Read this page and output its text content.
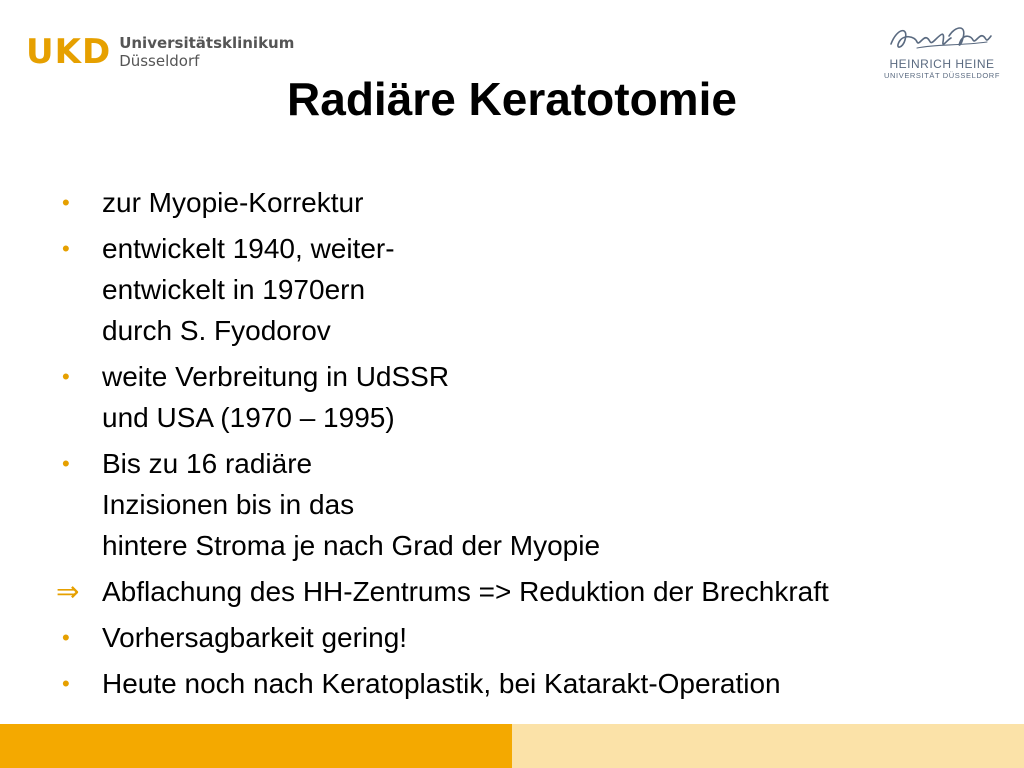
UKD Universitätsklinikum
Düsseldorf	HEINRICH HEINE
UNIVERSITÄT DÜSSELDORF
Radiäre Keratotomie
•	zur Myopie-Korrektur
•	entwickelt 1940, weiter-
entwickelt in 1970ern
durch S. Fyodorov
•	weite Verbreitung in UdSSR
und USA (1970 – 1995)
•	Bis zu 16 radiäre
Inzisionen bis in das
hintere Stroma je nach Grad der Myopie
⇒ Abflachung des HH-Zentrums => Reduktion der Brechkraft
•	Vorhersagbarkeit gering!
•	Heute noch nach Keratoplastik, bei Katarakt-Operation
